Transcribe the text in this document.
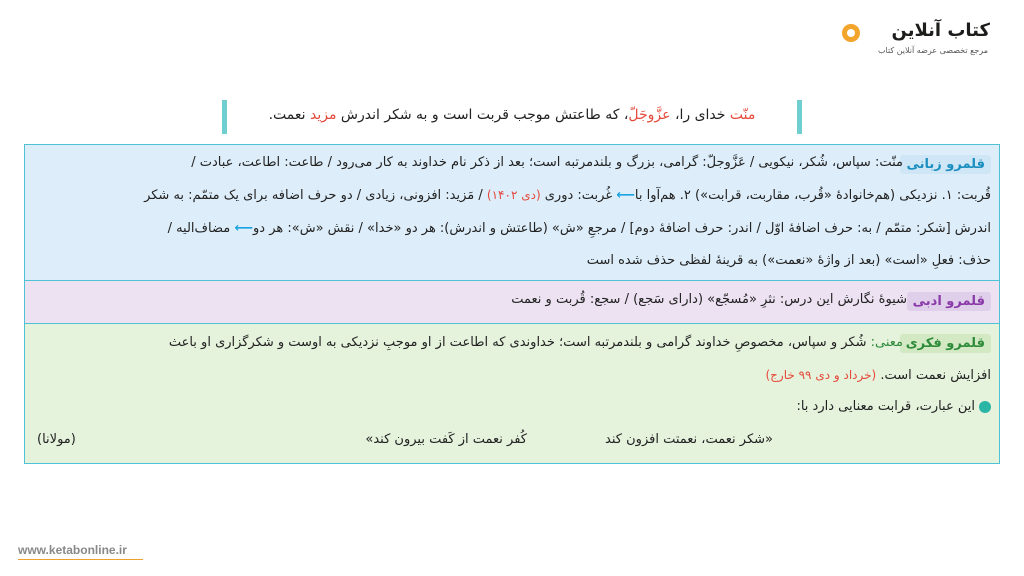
کتاب آنلاین
مرجع تخصصی عرضه آنلاین کتاب
منّت خدای را، عزَّوجَلّ، که طاعتش موجب قربت است و به شکر اندرش مزید نعمت.
قلمرو زبانی
منّت: سپاس، شُکر، نیکویی / عَزَّوجلّ: گرامی، بزرگ و بلندمرتبه است؛ بعد از ذکر نام خداوند به کار می‌رود / طاعت: اطاعت، عبادت /
قُربت: ۱. نزدیکی (هم‌خانوادهٔ «قُرب، مقاربت، قرابت») ۲. هم‌آوا با⟵ غُربت: دوری (دی ۱۴۰۲) / مَزید: افزونی، زیادی / دو حرف اضافه برای یک متمّم: به شکر
اندرش [شکر: متمّم / به: حرف اضافهٔ اوّل / اندر: حرف اضافهٔ دوم] / مرجعِ «ش» (طاعتش و اندرش): هر دو «خدا» / نقش «ش»: هر دو⟵ مضاف‌الیه /
حذف: فعلِ «است» (بعد از واژهٔ «نعمت») به قرینهٔ لفظی حذف شده است
قلمرو ادبی
شیوهٔ نگارش این درس: نثرِ «مُسجّع» (دارای سَجع) / سجع: قُربت و نعمت
قلمرو فکری
معنی: شُکر و سپاس، مخصوصِ خداوند گرامی و بلندمرتبه است؛ خداوندی که اطاعت از او موجبِ نزدیکی به اوست و شکرگزاری او باعث
افزایش نعمت است. (خرداد و دی ۹۹ خارج)
این عبارت، قرابت معنایی دارد با:
«شکر نعمت، نعمتت افزون کند
کُفر نعمت از کَفت بیرون کند»
(مولانا)
www.ketabonline.ir
